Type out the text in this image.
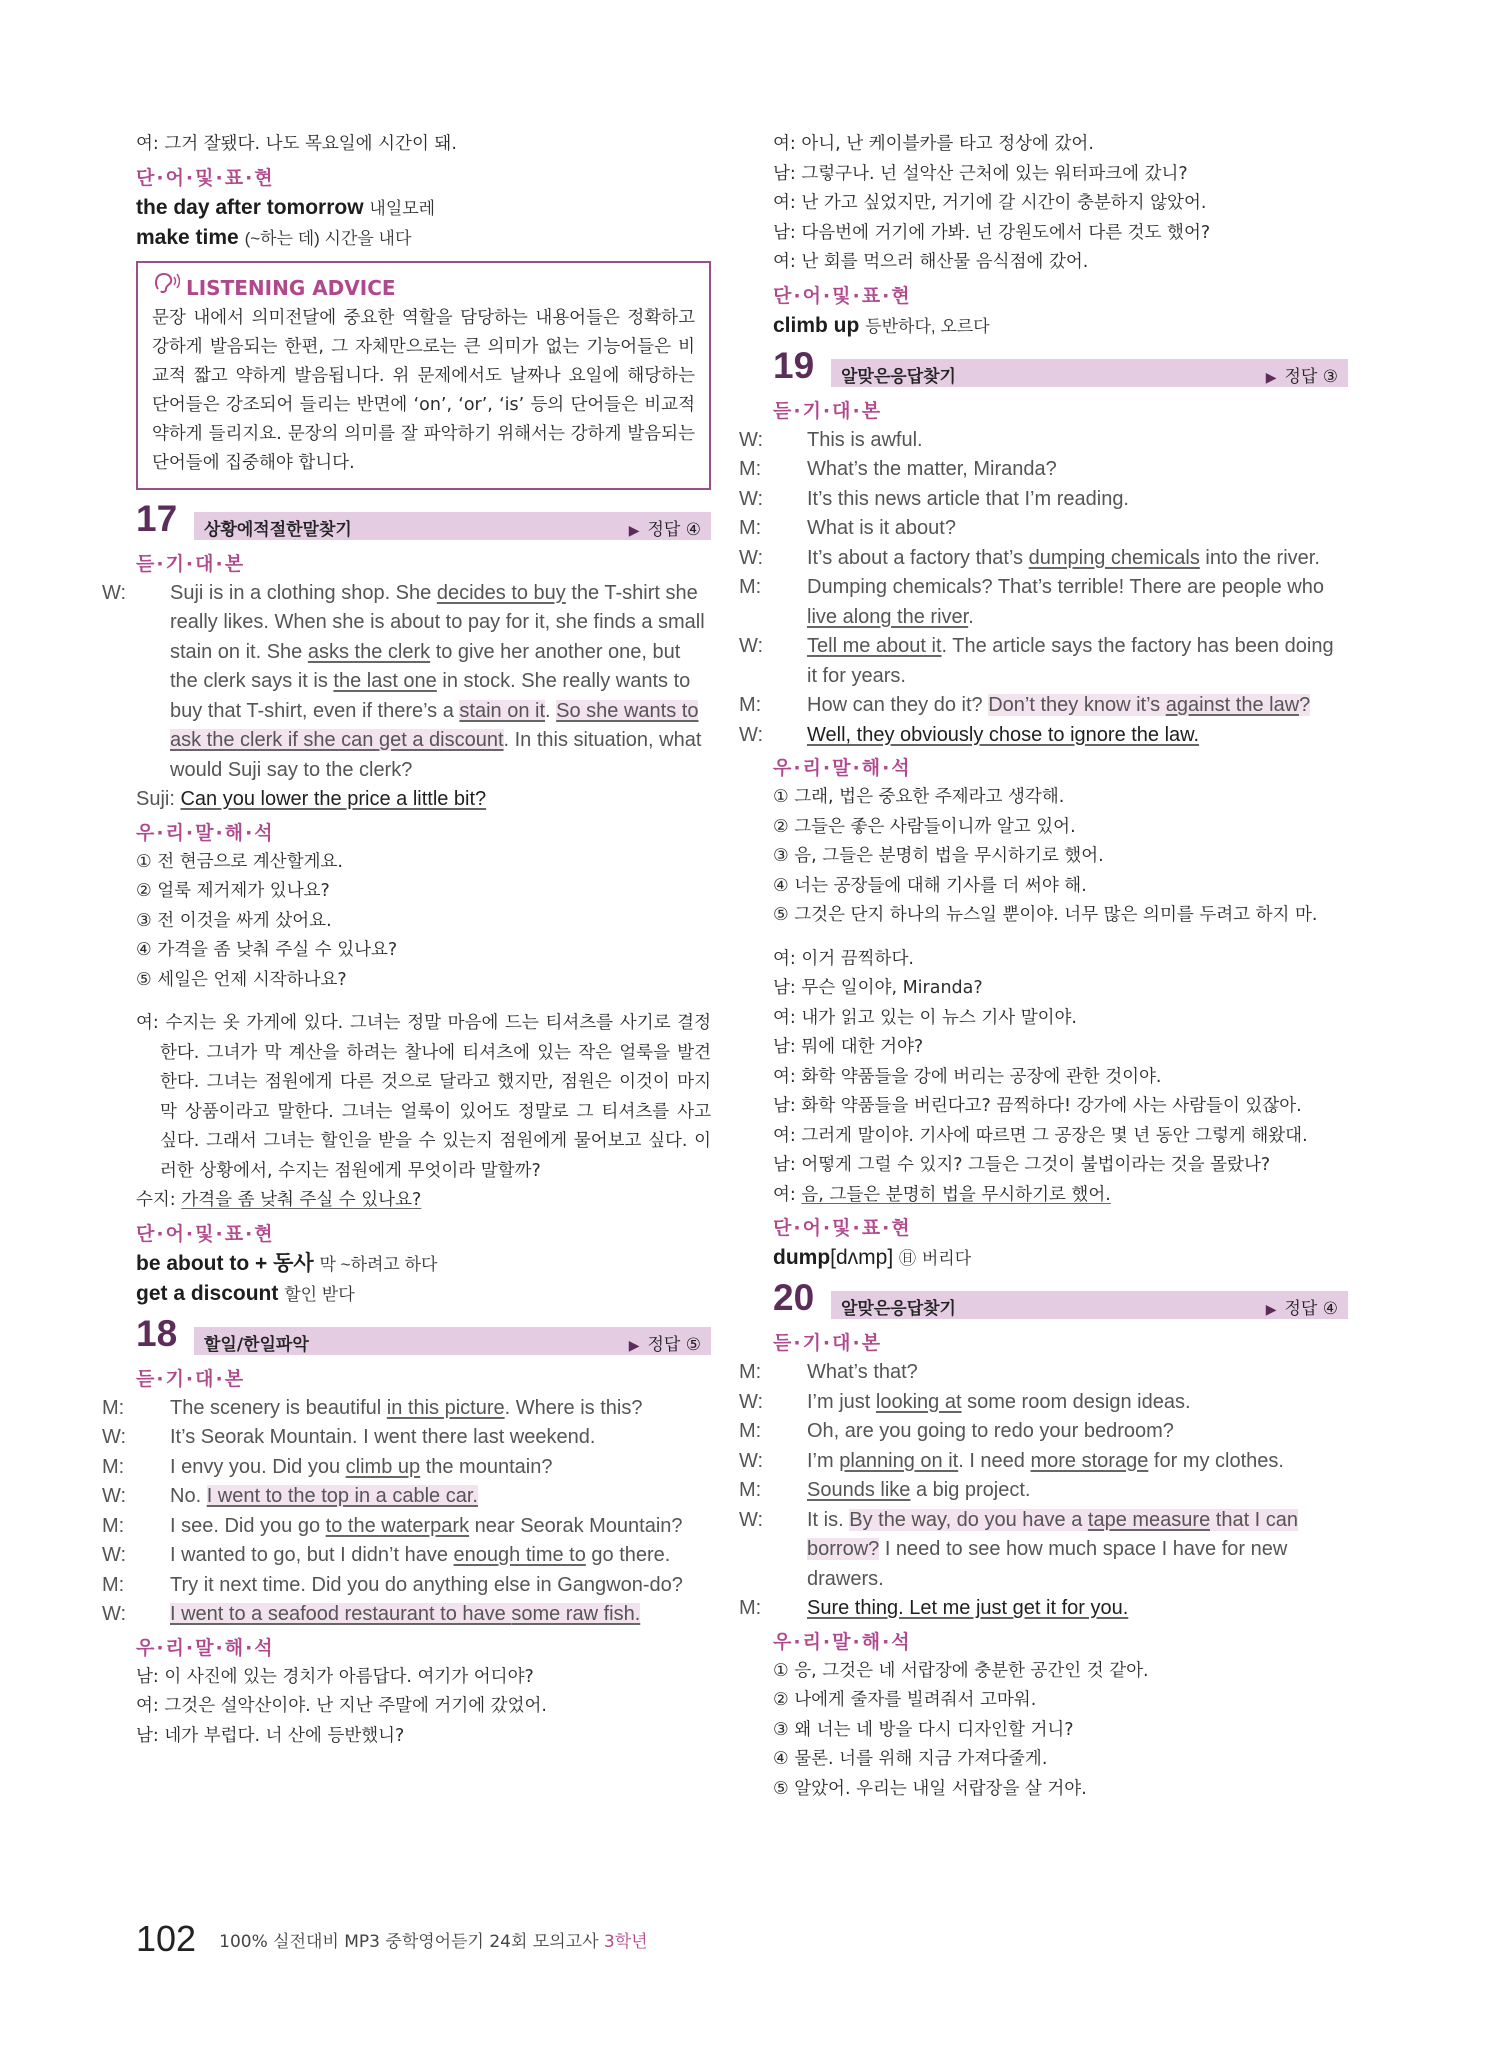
여: 그거 잘됐다. 나도 목요일에 시간이 돼.
단·어·및·표·현
the day after tomorrow 내일모레
make time (~하는 데) 시간을 내다
LISTENING ADVICE
문장 내에서 의미전달에 중요한 역할을 담당하는 내용어들은 정확하고 강하게 발음되는 한편, 그 자체만으로는 큰 의미가 없는 기능어들은 비교적 짧고 약하게 발음됩니다. 위 문제에서도 날짜나 요일에 해당하는 단어들은 강조되어 들리는 반면에 ‘on’, ‘or’, ‘is’ 등의 단어들은 비교적 약하게 들리지요. 문장의 의미를 잘 파악하기 위해서는 강하게 발음되는 단어들에 집중해야 합니다.
17 상황에적절한말찾기	▶ 정답 ④
듣·기·대·본
W: Suji is in a clothing shop. She decides to buy the T-shirt she really likes. When she is about to pay for it, she finds a small stain on it. She asks the clerk to give her another one, but the clerk says it is the last one in stock. She really wants to buy that T-shirt, even if there’s a stain on it. So she wants to ask the clerk if she can get a discount. In this situation, what would Suji say to the clerk?
Suji: Can you lower the price a little bit?
우·리·말·해·석
① 전 현금으로 계산할게요.
② 얼룩 제거제가 있나요?
③ 전 이것을 싸게 샀어요.
④ 가격을 좀 낮춰 주실 수 있나요?
⑤ 세일은 언제 시작하나요?
여: 수지는 옷 가게에 있다. 그녀는 정말 마음에 드는 티셔츠를 사기로 결정한다. 그녀가 막 계산을 하려는 찰나에 티셔츠에 있는 작은 얼룩을 발견한다. 그녀는 점원에게 다른 것으로 달라고 했지만, 점원은 이것이 마지막 상품이라고 말한다. 그녀는 얼룩이 있어도 정말로 그 티셔츠를 사고 싶다. 그래서 그녀는 할인을 받을 수 있는지 점원에게 물어보고 싶다. 이러한 상황에서, 수지는 점원에게 무엇이라 말할까?
수지: 가격을 좀 낮춰 주실 수 있나요?
단·어·및·표·현
be about to + 동사 막 ~하려고 하다
get a discount 할인 받다
18 할일/한일파악	▶ 정답 ⑤
듣·기·대·본
M: The scenery is beautiful in this picture. Where is this?
W: It’s Seorak Mountain. I went there last weekend.
M: I envy you. Did you climb up the mountain?
W: No. I went to the top in a cable car.
M: I see. Did you go to the waterpark near Seorak Mountain?
W: I wanted to go, but I didn’t have enough time to go there.
M: Try it next time. Did you do anything else in Gangwon-do?
W: I went to a seafood restaurant to have some raw fish.
우·리·말·해·석
남: 이 사진에 있는 경치가 아름답다. 여기가 어디야?
여: 그것은 설악산이야. 난 지난 주말에 거기에 갔었어.
남: 네가 부럽다. 너 산에 등반했니?
여: 아니, 난 케이블카를 타고 정상에 갔어.
남: 그렇구나. 넌 설악산 근처에 있는 워터파크에 갔니?
여: 난 가고 싶었지만, 거기에 갈 시간이 충분하지 않았어.
남: 다음번에 거기에 가봐. 넌 강원도에서 다른 것도 했어?
여: 난 회를 먹으러 해산물 음식점에 갔어.
단·어·및·표·현
climb up 등반하다, 오르다
19 알맞은응답찾기	▶ 정답 ③
듣·기·대·본
W: This is awful.
M: What’s the matter, Miranda?
W: It’s this news article that I’m reading.
M: What is it about?
W: It’s about a factory that’s dumping chemicals into the river.
M: Dumping chemicals? That’s terrible! There are people who live along the river.
W: Tell me about it. The article says the factory has been doing it for years.
M: How can they do it? Don’t they know it’s against the law?
W: Well, they obviously chose to ignore the law.
우·리·말·해·석
① 그래, 법은 중요한 주제라고 생각해.
② 그들은 좋은 사람들이니까 알고 있어.
③ 음, 그들은 분명히 법을 무시하기로 했어.
④ 너는 공장들에 대해 기사를 더 써야 해.
⑤ 그것은 단지 하나의 뉴스일 뿐이야. 너무 많은 의미를 두려고 하지 마.
여: 이거 끔찍하다.
남: 무슨 일이야, Miranda?
여: 내가 읽고 있는 이 뉴스 기사 말이야.
남: 뭐에 대한 거야?
여: 화학 약품들을 강에 버리는 공장에 관한 것이야.
남: 화학 약품들을 버린다고? 끔찍하다! 강가에 사는 사람들이 있잖아.
여: 그러게 말이야. 기사에 따르면 그 공장은 몇 년 동안 그렇게 해왔대.
남: 어떻게 그럴 수 있지? 그들은 그것이 불법이라는 것을 몰랐나?
여: 음, 그들은 분명히 법을 무시하기로 했어.
단·어·및·표·현
dump[dʌmp] ㊐ 버리다
20 알맞은응답찾기	▶ 정답 ④
듣·기·대·본
M: What’s that?
W: I’m just looking at some room design ideas.
M: Oh, are you going to redo your bedroom?
W: I’m planning on it. I need more storage for my clothes.
M: Sounds like a big project.
W: It is. By the way, do you have a tape measure that I can borrow? I need to see how much space I have for new drawers.
M: Sure thing. Let me just get it for you.
우·리·말·해·석
① 응, 그것은 네 서랍장에 충분한 공간인 것 같아.
② 나에게 줄자를 빌려줘서 고마워.
③ 왜 너는 네 방을 다시 디자인할 거니?
④ 물론. 너를 위해 지금 가져다줄게.
⑤ 알았어. 우리는 내일 서랍장을 살 거야.
102 100% 실전대비 MP3 중학영어듣기 24회 모의고사 3학년
